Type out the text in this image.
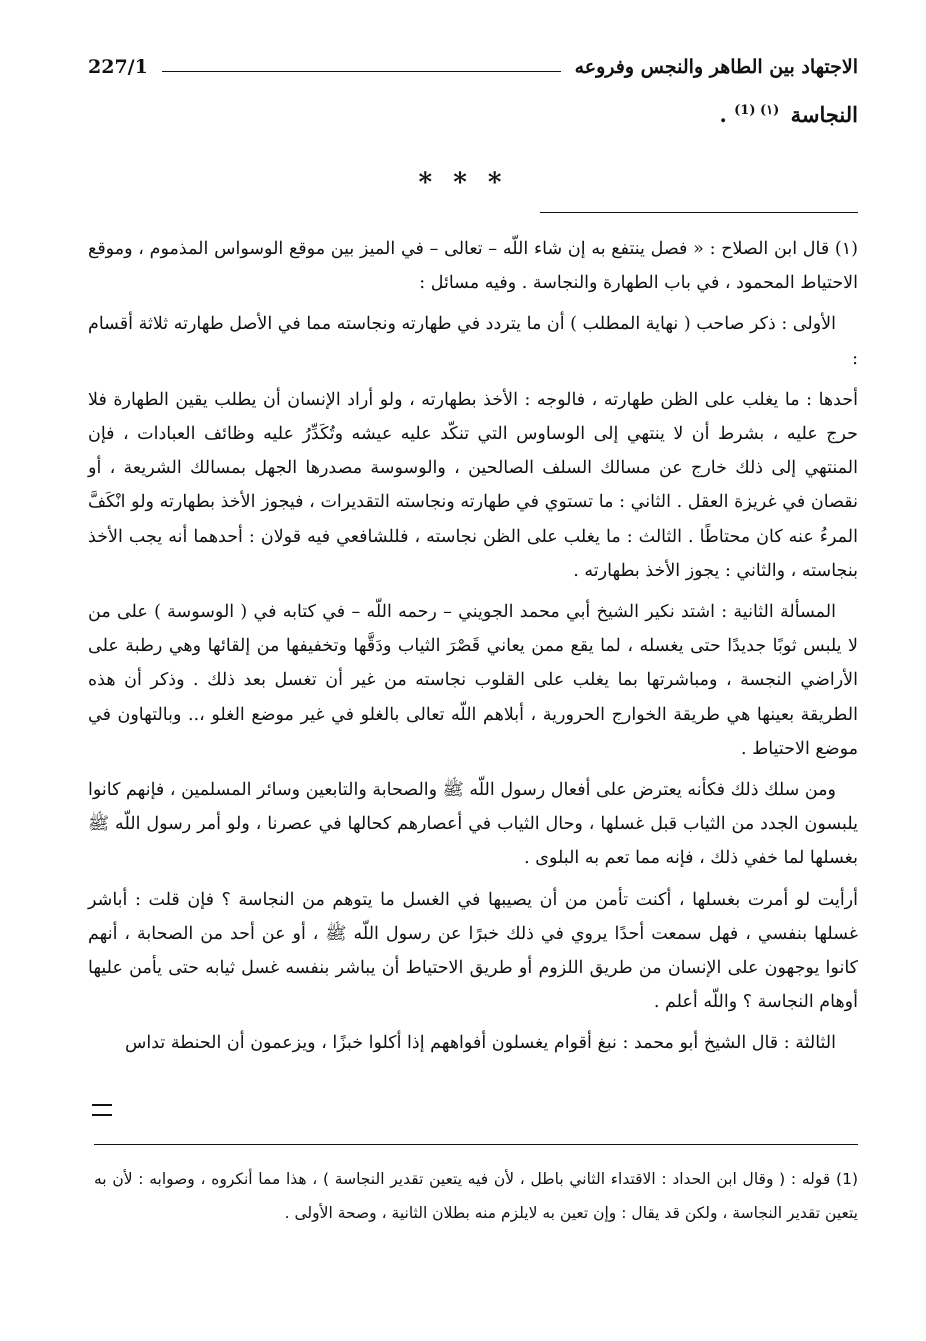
الاجتهاد بين الطاهر والنجس وفروعه
227/1
النجاسة $^{(١) (1)}$ .
* * *

(١) قال ابن الصلاح : « فصل ينتفع به إن شاء اللّه – تعالى – في الميز بين موقع الوسواس المذموم ، وموقع الاحتياط المحمود ، في باب الطهارة والنجاسة . وفيه مسائل :

الأولى : ذكر صاحب ( نهاية المطلب ) أن ما يتردد في طهارته ونجاسته مما في الأصل طهارته ثلاثة أقسام :

أحدها : ما يغلب على الظن طهارته ، فالوجه : الأخذ بطهارته ، ولو أراد الإنسان أن يطلب يقين الطهارة فلا حرج عليه ، بشرط أن لا ينتهي إلى الوساوس التي تنكّد عليه عيشه وتُكَدِّرُ عليه وظائف العبادات ، فإن المنتهي إلى ذلك خارج عن مسالك السلف الصالحين ، والوسوسة مصدرها الجهل بمسالك الشريعة ، أو نقصان في غريزة العقل . الثاني : ما تستوي في طهارته ونجاسته التقديرات ، فيجوز الأخذ بطهارته ولو انْكَفَّ المرءُ عنه كان محتاطًا . الثالث : ما يغلب على الظن نجاسته ، فللشافعي فيه قولان : أحدهما أنه يجب الأخذ بنجاسته ، والثاني : يجوز الأخذ بطهارته .

المسألة الثانية : اشتد نكير الشيخ أبي محمد الجويني – رحمه اللّه – في كتابه في ( الوسوسة ) على من لا يلبس ثوبًا جديدًا حتى يغسله ، لما يقع ممن يعاني قَصْرَ الثياب ودَقَّها وتخفيفها من إلقائها وهي رطبة على الأراضي النجسة ، ومباشرتها بما يغلب على القلوب نجاسته من غير أن تغسل بعد ذلك . وذكر أن هذه الطريقة بعينها هي طريقة الخوارج الحرورية ، أبلاهم اللّه تعالى بالغلو في غير موضع الغلو ،.. وبالتهاون في موضع الاحتياط .

ومن سلك ذلك فكأنه يعترض على أفعال رسول اللّه ﷺ والصحابة والتابعين وسائر المسلمين ، فإنهم كانوا يلبسون الجدد من الثياب قبل غسلها ، وحال الثياب في أعصارهم كحالها في عصرنا ، ولو أمر رسول اللّه ﷺ بغسلها لما خفي ذلك ، فإنه مما تعم به البلوى .

أرأيت لو أمرت بغسلها ، أكنت تأمن من أن يصيبها في الغسل ما يتوهم من النجاسة ؟ فإن قلت : أباشر غسلها بنفسي ، فهل سمعت أحدًا يروي في ذلك خبرًا عن رسول اللّه ﷺ ، أو عن أحد من الصحابة ، أنهم كانوا يوجهون على الإنسان من طريق اللزوم أو طريق الاحتياط أن يباشر بنفسه غسل ثيابه حتى يأمن عليها أوهام النجاسة ؟ واللّه أعلم .

الثالثة : قال الشيخ أبو محمد : نبغ أقوام يغسلون أفواههم إذا أكلوا خبزًا ، ويزعمون أن الحنطة تداس

(1) قوله : ( وقال ابن الحداد : الاقتداء الثاني باطل ، لأن فيه يتعين تقدير النجاسة ) ، هذا مما أنكروه ، وصوابه : لأن به يتعين تقدير النجاسة ، ولكن قد يقال : وإن تعين به لايلزم منه بطلان الثانية ، وصحة الأولى .
